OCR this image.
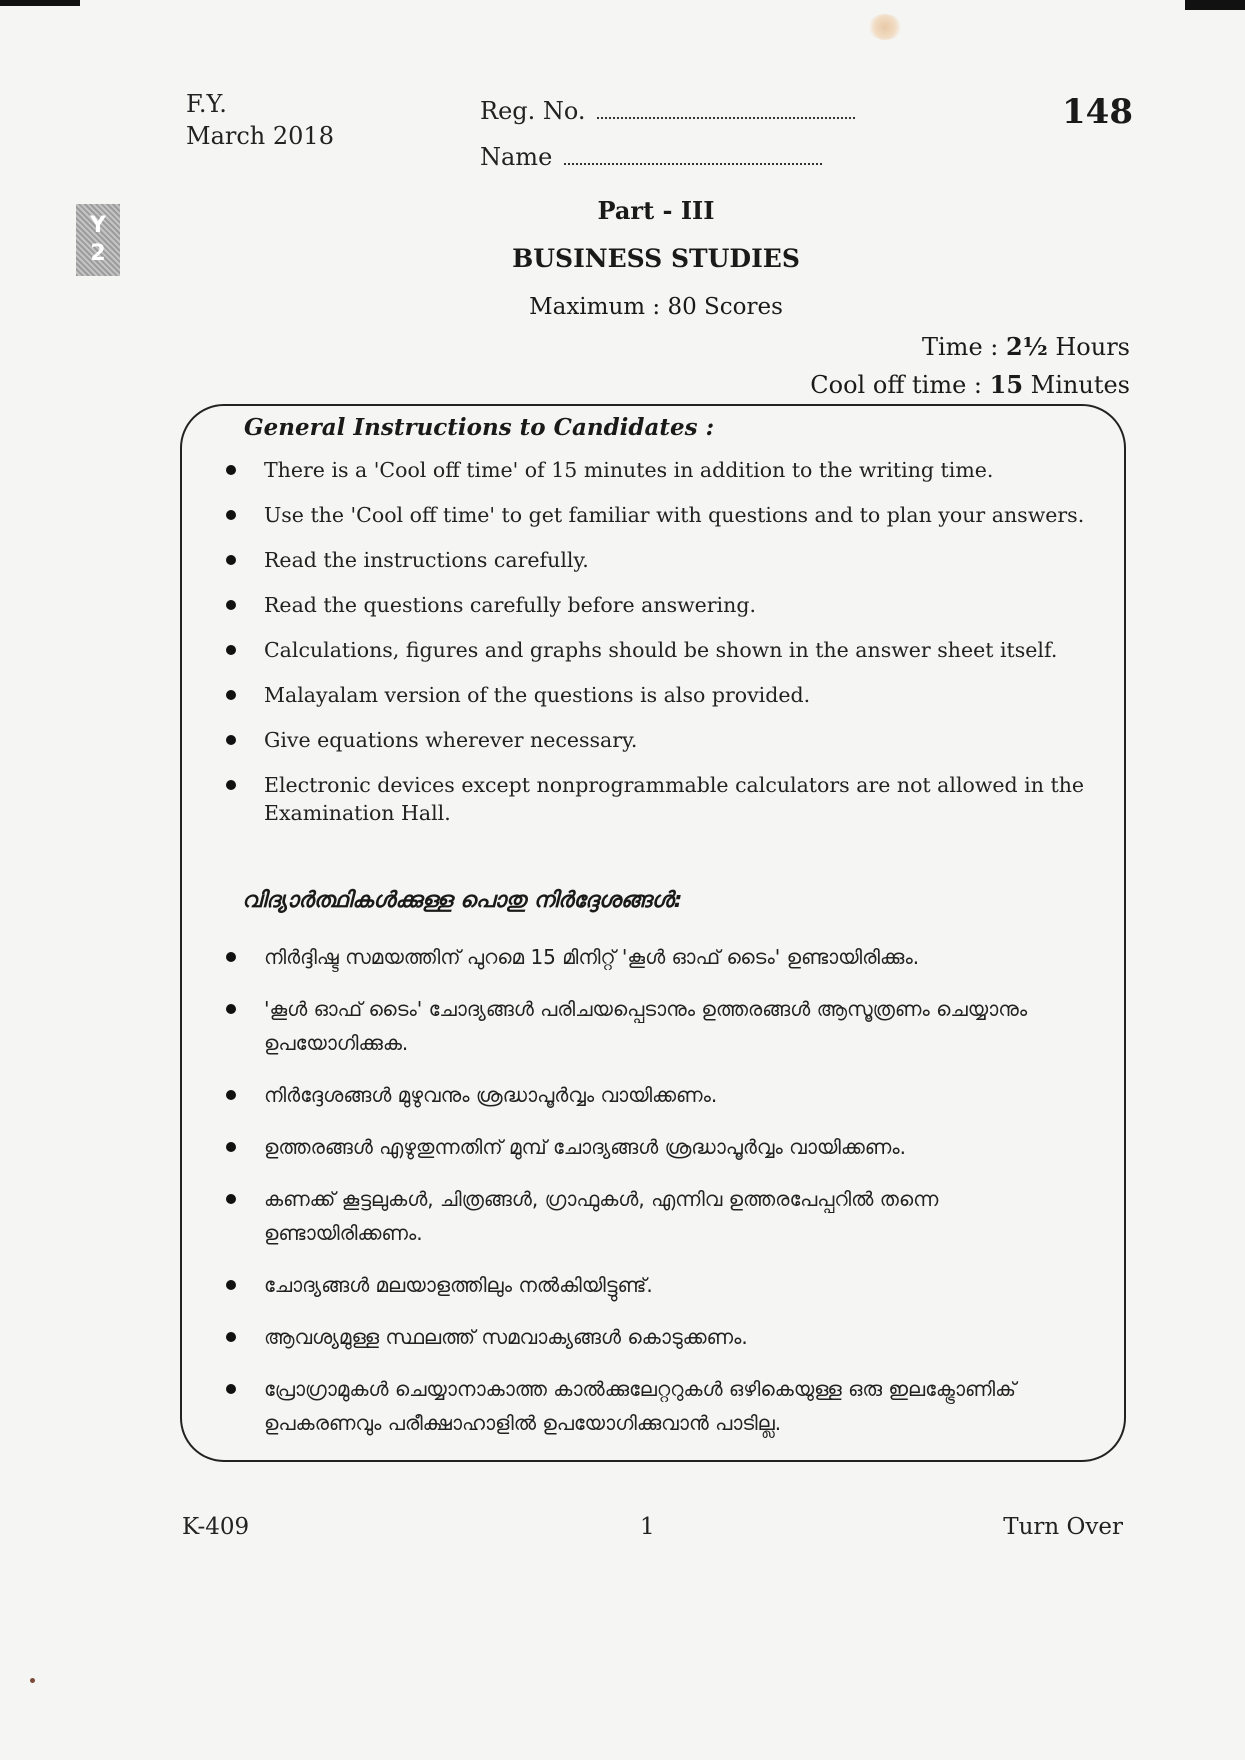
Y
2
F.Y.
March 2018
Reg. No.
Name
148
Part - III
BUSINESS STUDIES
Maximum : 80 Scores
Time : 2½ Hours
Cool off time : 15 Minutes
General Instructions to Candidates :
There is a 'Cool off time' of 15 minutes in addition to the writing time.
Use the 'Cool off time' to get familiar with questions and to plan your answers.
Read the instructions carefully.
Read the questions carefully before answering.
Calculations, figures and graphs should be shown in the answer sheet itself.
Malayalam version of the questions is also provided.
Give equations wherever necessary.
Electronic devices except nonprogrammable calculators are not allowed in the Examination Hall.
വിദ്യാർത്ഥികൾക്കുള്ള പൊതു നിർദ്ദേശങ്ങൾ:
നിർദ്ദിഷ്ട സമയത്തിന് പുറമെ 15 മിനിറ്റ് 'കൂൾ ഓഫ് ടൈം' ഉണ്ടായിരിക്കും.
'കൂൾ ഓഫ് ടൈം' ചോദ്യങ്ങൾ പരിചയപ്പെടാനും ഉത്തരങ്ങൾ ആസൂത്രണം ചെയ്യാനും ഉപയോഗിക്കുക.
നിർദ്ദേശങ്ങൾ മുഴുവനും ശ്രദ്ധാപൂർവ്വം വായിക്കണം.
ഉത്തരങ്ങൾ എഴുതുന്നതിന് മുമ്പ് ചോദ്യങ്ങൾ ശ്രദ്ധാപൂർവ്വം വായിക്കണം.
കണക്ക് കൂട്ടലുകൾ, ചിത്രങ്ങൾ, ഗ്രാഫുകൾ, എന്നിവ ഉത്തരപേപ്പറിൽ തന്നെ ഉണ്ടായിരിക്കണം.
ചോദ്യങ്ങൾ മലയാളത്തിലും നൽകിയിട്ടുണ്ട്.
ആവശ്യമുള്ള സ്ഥലത്ത് സമവാക്യങ്ങൾ കൊടുക്കണം.
പ്രോഗ്രാമുകൾ ചെയ്യാനാകാത്ത കാൽക്കുലേറ്ററുകൾ ഒഴികെയുള്ള ഒരു ഇലക്ട്രോണിക് ഉപകരണവും പരീക്ഷാഹാളിൽ ഉപയോഗിക്കുവാൻ പാടില്ല.
K-409	1	Turn Over
